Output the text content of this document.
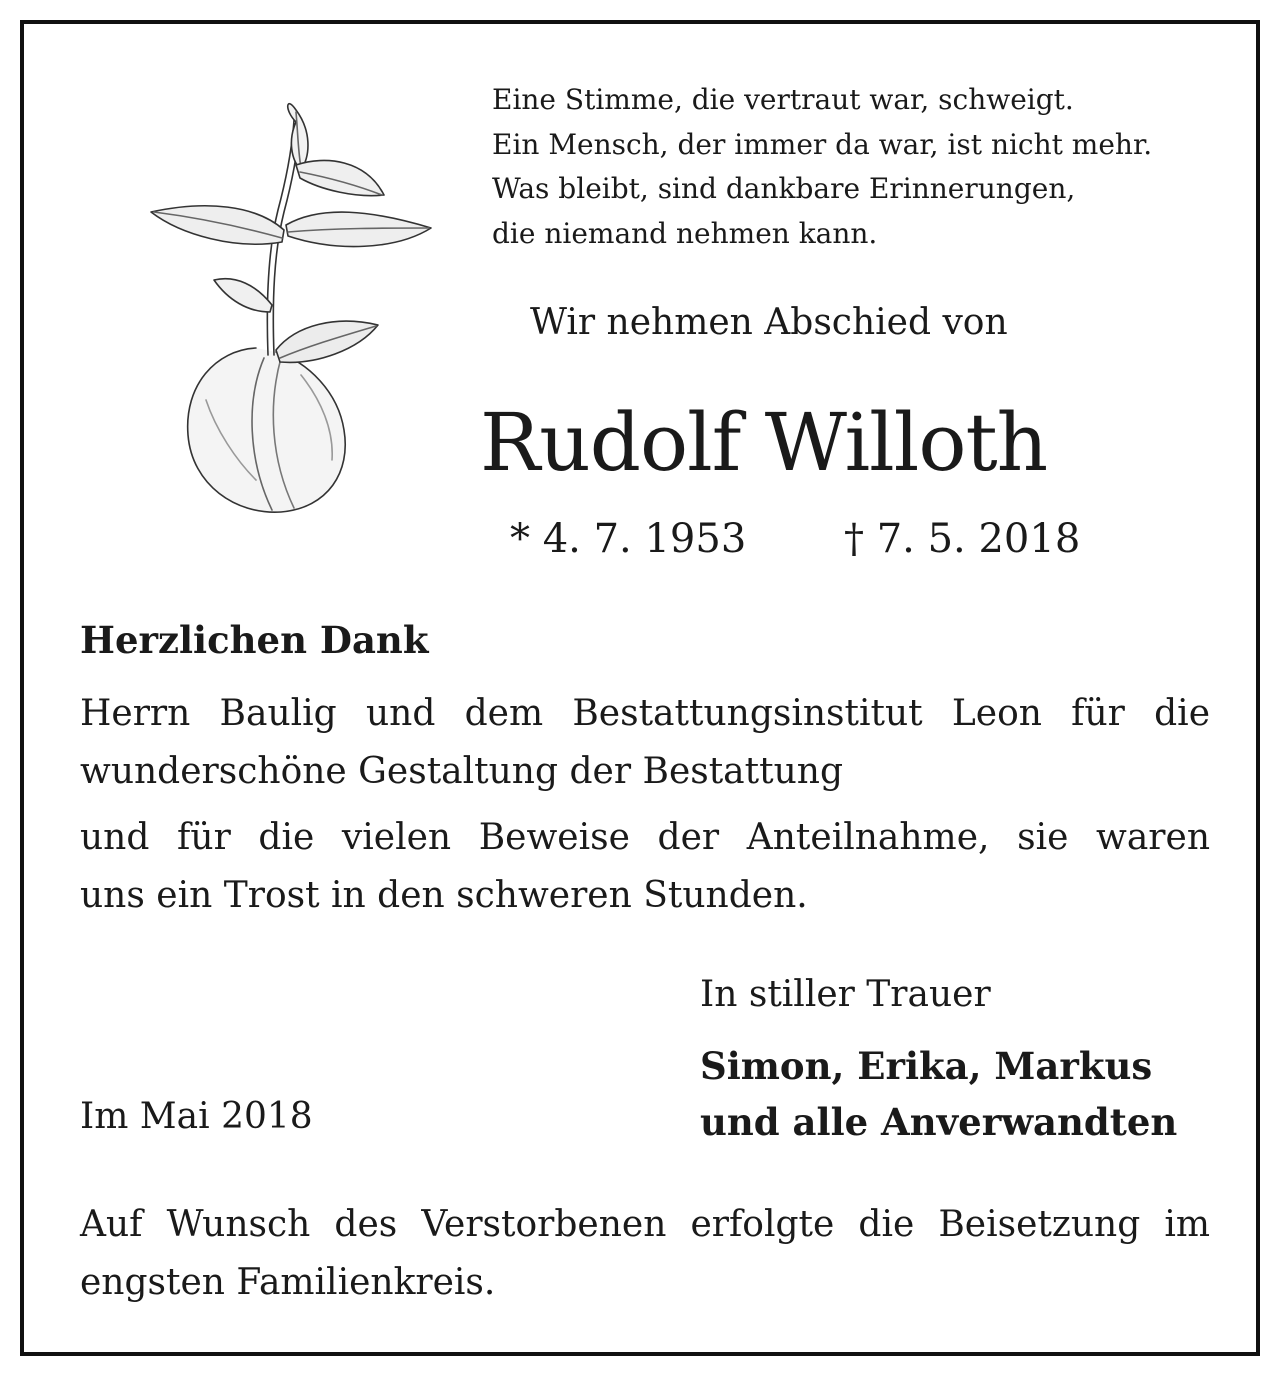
Eine Stimme, die vertraut war, schweigt.
Ein Mensch, der immer da war, ist nicht mehr.
Was bleibt, sind dankbare Erinnerungen,
die niemand nehmen kann.
Wir nehmen Abschied von
Rudolf Willoth
* 4. 7. 1953 † 7. 5. 2018
Herzlichen Dank
Herrn Baulig und dem Bestattungsinstitut Leon für die
wunderschöne Gestaltung der Bestattung
und für die vielen Beweise der Anteilnahme, sie waren
uns ein Trost in den schweren Stunden.
In stiller Trauer
Simon, Erika, Markus
und alle Anverwandten
Im Mai 2018
Auf Wunsch des Verstorbenen erfolgte die Beisetzung im
engsten Familienkreis.
